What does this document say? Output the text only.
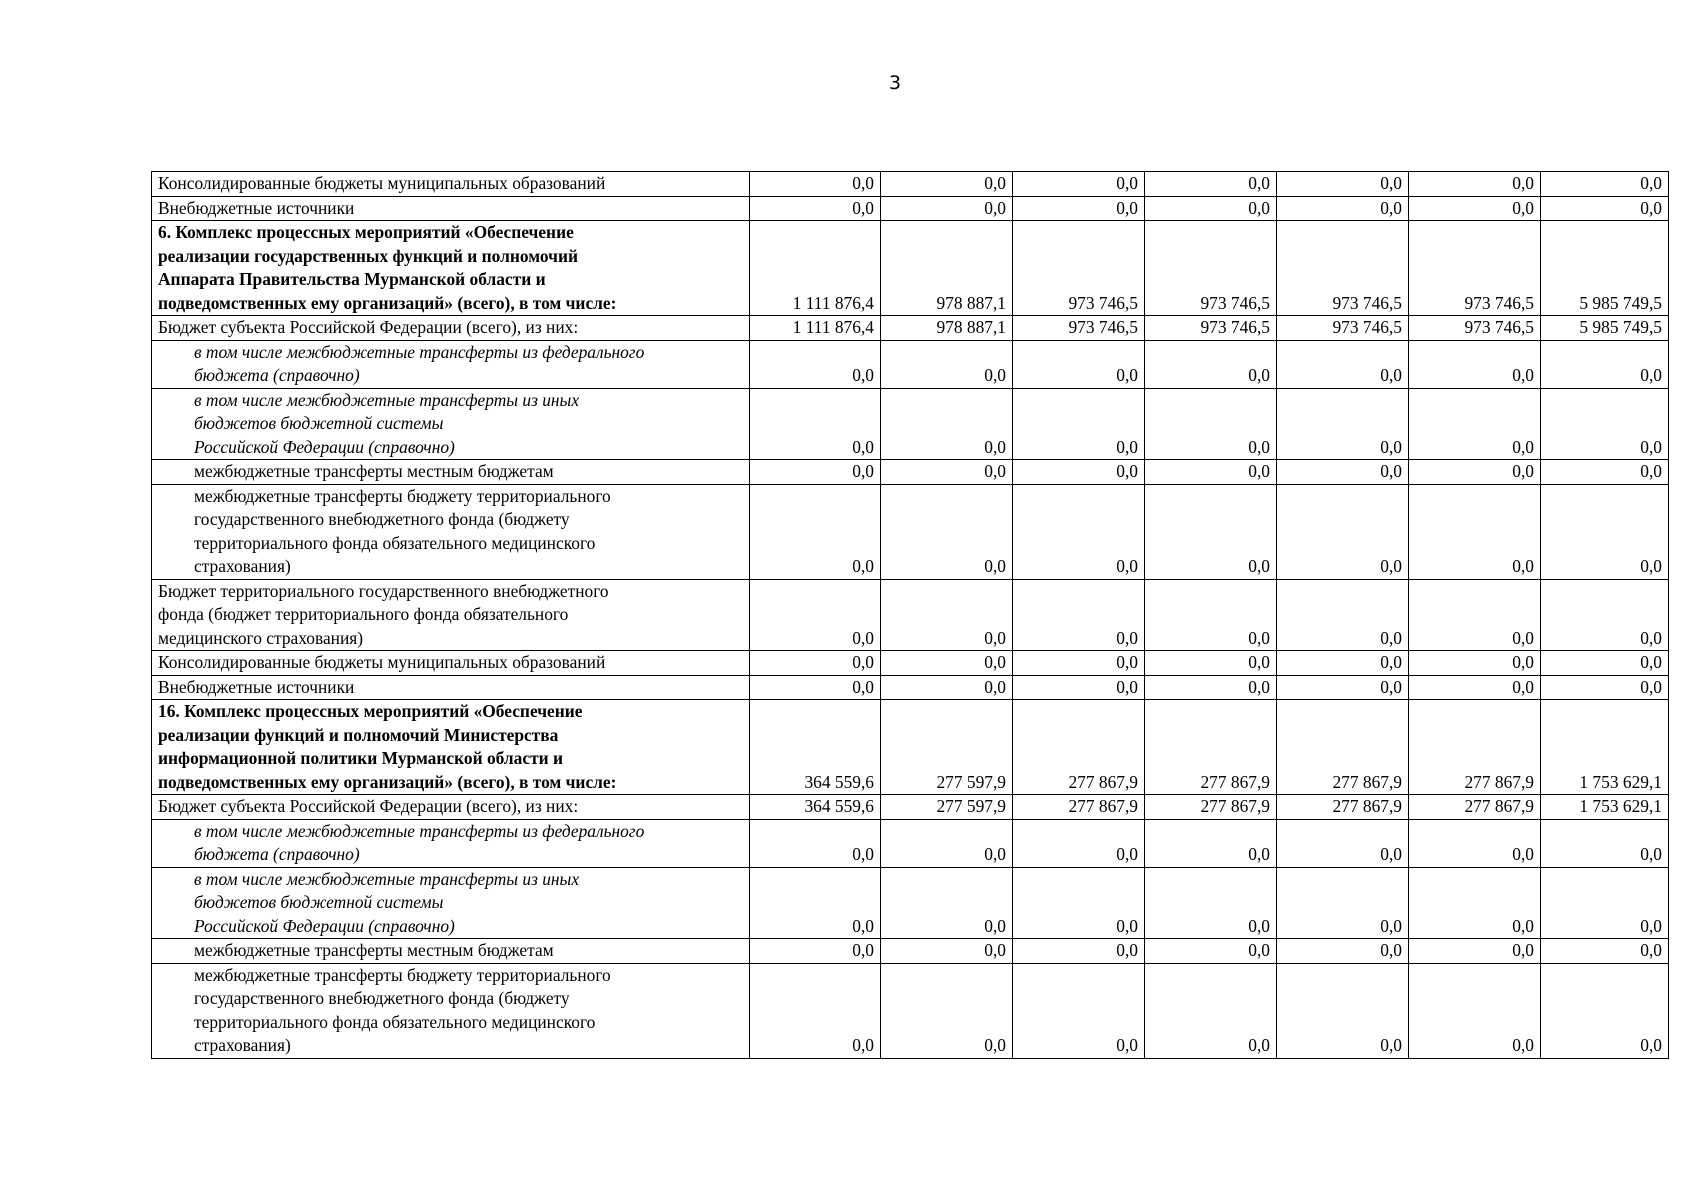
3
Консолидированные бюджеты муниципальных образований	0,0	0,0	0,0	0,0	0,0	0,0	0,0
Внебюджетные источники	0,0	0,0	0,0	0,0	0,0	0,0	0,0
6. Комплекс процессных мероприятий «Обеспечение
реализации государственных функций и полномочий
Аппарата Правительства Мурманской области и
подведомственных ему организаций» (всего), в том числе:	1 111 876,4	978 887,1	973 746,5	973 746,5	973 746,5	973 746,5	5 985 749,5
Бюджет субъекта Российской Федерации (всего), из них:	1 111 876,4	978 887,1	973 746,5	973 746,5	973 746,5	973 746,5	5 985 749,5
в том числе межбюджетные трансферты из федерального
бюджета (справочно)	0,0	0,0	0,0	0,0	0,0	0,0	0,0
в том числе межбюджетные трансферты из иных
бюджетов бюджетной системы
Российской Федерации (справочно)	0,0	0,0	0,0	0,0	0,0	0,0	0,0
межбюджетные трансферты местным бюджетам	0,0	0,0	0,0	0,0	0,0	0,0	0,0
межбюджетные трансферты бюджету территориального
государственного внебюджетного фонда (бюджету
территориального фонда обязательного медицинского
страхования)	0,0	0,0	0,0	0,0	0,0	0,0	0,0
Бюджет территориального государственного внебюджетного
фонда (бюджет территориального фонда обязательного
медицинского страхования)	0,0	0,0	0,0	0,0	0,0	0,0	0,0
Консолидированные бюджеты муниципальных образований	0,0	0,0	0,0	0,0	0,0	0,0	0,0
Внебюджетные источники	0,0	0,0	0,0	0,0	0,0	0,0	0,0
16. Комплекс процессных мероприятий «Обеспечение
реализации функций и полномочий Министерства
информационной политики Мурманской области и
подведомственных ему организаций» (всего), в том числе:	364 559,6	277 597,9	277 867,9	277 867,9	277 867,9	277 867,9	1 753 629,1
Бюджет субъекта Российской Федерации (всего), из них:	364 559,6	277 597,9	277 867,9	277 867,9	277 867,9	277 867,9	1 753 629,1
в том числе межбюджетные трансферты из федерального
бюджета (справочно)	0,0	0,0	0,0	0,0	0,0	0,0	0,0
в том числе межбюджетные трансферты из иных
бюджетов бюджетной системы
Российской Федерации (справочно)	0,0	0,0	0,0	0,0	0,0	0,0	0,0
межбюджетные трансферты местным бюджетам	0,0	0,0	0,0	0,0	0,0	0,0	0,0
межбюджетные трансферты бюджету территориального
государственного внебюджетного фонда (бюджету
территориального фонда обязательного медицинского
страхования)	0,0	0,0	0,0	0,0	0,0	0,0	0,0
